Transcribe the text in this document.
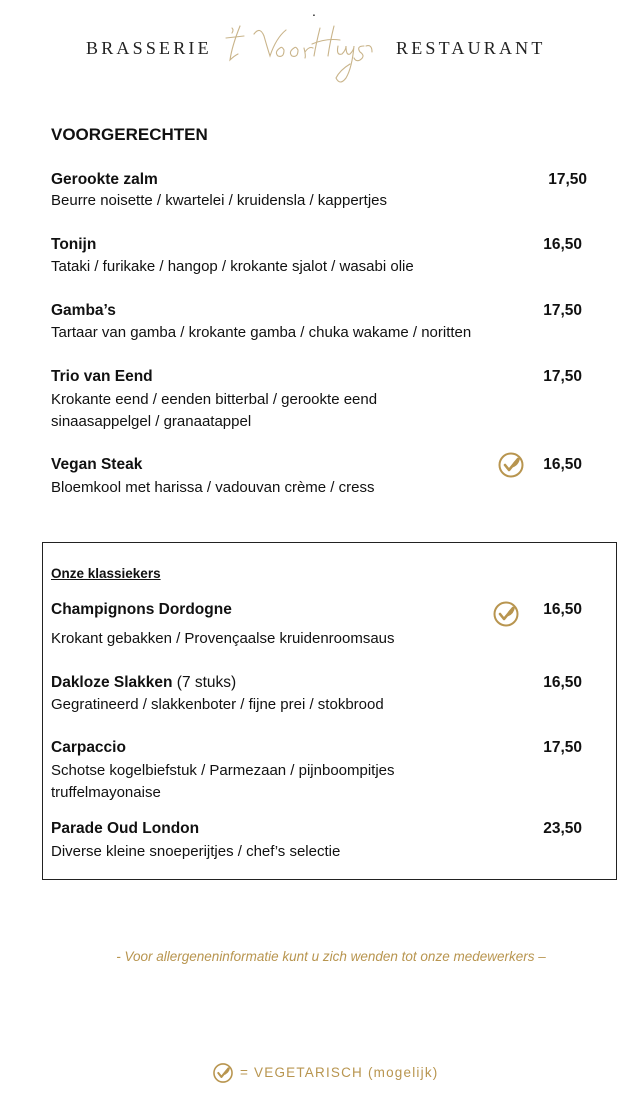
.
BRASSERIE	RESTAURANT
VOORGERECHTEN
Gerookte zalm	17,50
Beurre noisette / kwartelei / kruidensla / kappertjes
Tonijn	16,50
Tataki / furikake / hangop / krokante sjalot / wasabi olie
Gamba’s	17,50
Tartaar van gamba / krokante gamba / chuka wakame / noritten
Trio van Eend	17,50
Krokante eend / eenden bitterbal / gerookte eend
sinaasappelgel / granaatappel
Vegan Steak	16,50
Bloemkool met harissa / vadouvan crème / cress
Onze klassiekers
Champignons Dordogne	16,50
Krokant gebakken / Provençaalse kruidenroomsaus
Dakloze Slakken (7 stuks)	16,50
Gegratineerd / slakkenboter / fijne prei / stokbrood
Carpaccio	17,50
Schotse kogelbiefstuk / Parmezaan / pijnboompitjes
truffelmayonaise
Parade Oud London	23,50
Diverse kleine snoeperijtjes / chef’s selectie
- Voor allergeneninformatie kunt u zich wenden tot onze medewerkers –
= VEGETARISCH (mogelijk)
